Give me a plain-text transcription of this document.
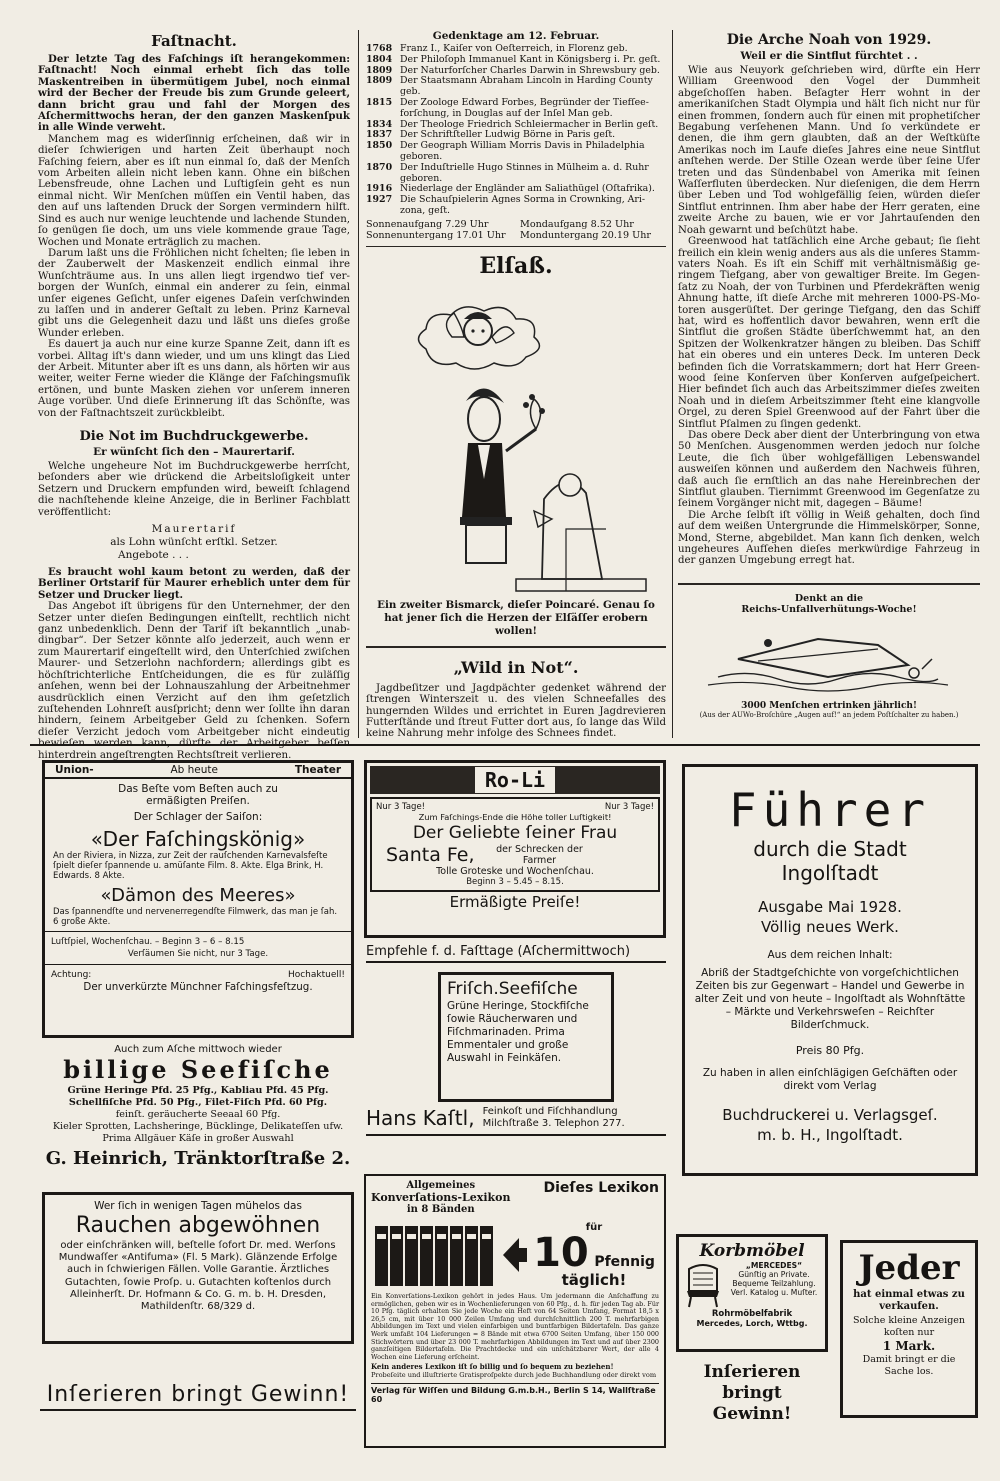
Faſtnacht.

Der letzte Tag des Faſchings iſt herangekommen: Faſtnacht! Noch einmal erhebt ſich das tolle Maskentreiben in übermütigem Jubel, noch einmal wird der Becher der Freude bis zum Grunde geleert, dann bricht grau und fahl der Morgen des Aſchermittwochs heran, der den ganzen Maskenſpuk in alle Winde verweht.

Manchem mag es widerſinnig erſcheinen, daß wir in dieſer ſchwierigen und harten Zeit überhaupt noch Faſching feiern, aber es iſt nun einmal ſo, daß der Menſch vom Arbeiten allein nicht leben kann. Ohne ein bißchen Lebensfreude, ohne Lachen und Luſtigſein geht es nun einmal nicht. Wir Menſchen müſſen ein Ventil haben, das den auf uns laſtenden Druck der Sorgen vermindern hilft. Sind es auch nur wenige leuchtende und lachende Stunden, ſo genügen ſie doch, um uns viele kommende graue Tage, Wochen und Monate erträglich zu machen.

Darum laßt uns die Fröhlichen nicht ſchelten; ſie leben in der Zauberwelt der Maskenzeit endlich einmal ihre Wunſchträume aus. In uns allen liegt irgendwo tief verborgen der Wunſch, einmal ein anderer zu ſein, einmal unſer eigenes Geſicht, unſer eigenes Daſein verſchwinden zu laſſen und in anderer Geſtalt zu leben. Prinz Karneval gibt uns die Gelegenheit dazu und läßt uns dieſes große Wunder erleben.

Es dauert ja auch nur eine kurze Spanne Zeit, dann iſt es vorbei. Alltag iſt's dann wieder, und um uns klingt das Lied der Arbeit. Mitunter aber iſt es uns dann, als hörten wir aus weiter, weiter Ferne wieder die Klänge der Faſchingsmuſik ertönen, und bunte Masken ziehen vor unſerem inneren Auge vorüber. Und dieſe Erinnerung iſt das Schönſte, was von der Faſtnachtszeit zurückbleibt.

Die Not im Buchdruckgewerbe.
Er wünſcht ſich den – Maurertarif.

Welche ungeheure Not im Buchdruckgewerbe herrſcht, beſonders aber wie drückend die Arbeitsloſigkeit unter Setzern und Druckern empfunden wird, beweiſt ſchlagend die nachſtehende kleine Anzeige, die in Berliner Fachblatt veröffentlicht:

Maurertarif
als Lohn wünſcht erſtkl. Setzer.
Angebote . . .

Es braucht wohl kaum betont zu werden, daß der Berliner Ortstarif für Maurer erheblich unter dem für Setzer und Drucker liegt.

Das Angebot iſt übrigens für den Unternehmer, der den Setzer unter dieſen Bedingungen einſtellt, rechtlich nicht ganz unbedenklich. Denn der Tarif iſt bekanntlich „unabdingbar“. Der Setzer könnte alſo jederzeit, auch wenn er zum Maurertarif eingeſtellt wird, den Unterſchied zwiſchen Maurer- und Setzerlohn nachfordern; allerdings gibt es höchſtrichterliche Entſcheidungen, die es für zuläſſig anſehen, wenn bei der Lohnauszahlung der Arbeitnehmer ausdrücklich einen Verzicht auf den ihm geſetzlich zuſtehenden Lohnreſt ausſpricht; denn wer ſollte ihn daran hindern, ſeinem Arbeitgeber Geld zu ſchenken. Sofern dieſer Verzicht jedoch vom Arbeitgeber nicht eindeutig hinterdrein angeſtrengten Rechtsſtreit verlieren.

Gedenktage am 12. Februar.
1768 Franz I., Kaiſer von Oeſterreich, in Florenz geb.
1804 Der Philoſoph Immanuel Kant in Königsberg i. Pr. geſt.
1809 Der Naturforſcher Charles Darwin in Shrewsbury geb.
1809 Der Staatsmann Abraham Lincoln in Harding County geb.
1815 Der Zoologe Edward Forbes, Begründer der Tiefſeeforſchung, in Douglas auf der Inſel Man geb.
1834 Der Theologe Friedrich Schleiermacher in Berlin geſt.
1837 Der Schriftſteller Ludwig Börne in Paris geſt.
1850 Der Geograph William Morris Davis in Philadelphia geboren.
1870 Der Induſtrielle Hugo Stinnes in Mülheim a. d. Ruhr geboren.
1916 Niederlage der Engländer am Saliathügel (Oſtafrika).
1927 Die Schauſpielerin Agnes Sorma in Crownking, Arizona, geſt.
Sonnenaufgang 7.29 Uhr	Mondaufgang 8.52 Uhr
Sonnenuntergang 17.01 Uhr	Monduntergang 20.19 Uhr
Elſaß.
Ein zweiter Bismarck, dieſer Poincaré. Genau ſo hat jener ſich die Herzen der Elſäſſer erobern wollen!
„Wild in Not“.

Jagdbeſitzer und Jagdpächter gedenket während der ſtrengen Winterszeit u. des vielen Schneefalles des hungernden Wildes und errichtet in Euren Jagdrevieren Futterſtände und ſtreut Futter dort aus, ſo lange das Wild keine Nahrung mehr infolge des Schnees findet.

Die Arche Noah von 1929.
Weil er die Sintflut fürchtet . .

Wie aus Neuyork geſchrieben wird, dürfte ein Herr William Greenwood den Vogel der Dummheit abgeſchoſſen haben. Beſagter Herr wohnt in der amerikaniſchen Stadt Olympia und hält ſich nicht nur für einen frommen, ſondern auch für einen mit prophetiſcher Begabung verſehenen Mann. Und ſo verkündete er denen, die ihm gern glaubten, daß an der Weſtküſte Amerikas noch im Laufe dieſes Jahres eine neue Sintflut anſtehen werde. Der Stille Ozean werde über ſeine Ufer treten und das Sündenbabel von Amerika mit ſeinen Waſſerfluten überdecken. Nur dieſenigen, die dem Herrn über Leben und Tod wohlgefällig ſeien, würden dieſer Sintflut entrinnen. Ihm aber habe der Herr geraten, eine zweite Arche zu bauen, wie er vor Jahrtauſenden den Noah gewarnt und beſchützt habe.

Greenwood hat tatſächlich eine Arche gebaut; ſie ſieht freilich ein klein wenig anders aus als die unſeres Stammvaters Noah. Es iſt ein Schiff mit verhältnismäßig geringem Tiefgang, aber von gewaltiger Breite. Im Gegenſatz zu Noah, der von Turbinen und Pferdekräften wenig Ahnung hatte, iſt dieſe Arche mit mehreren 1000-PS-Motoren ausgerüſtet. Der geringe Tiefgang, den das Schiff hat, wird es hoffentlich davor bewahren, wenn erſt die Sintflut die großen Städte überſchwemmt hat, an den Spitzen der Wolkenkratzer hängen zu bleiben. Das Schiff hat ein oberes und ein unteres Deck. Im unteren Deck befinden ſich die Vorratskammern; dort hat Herr Greenwood ſeine Konſerven über Konſerven aufgeſpeichert. Hier befindet ſich auch das Arbeitszimmer dieſes zweiten Noah und in dieſem Arbeitszimmer ſteht eine klangvolle Orgel, zu deren Spiel Greenwood auf der Fahrt über die Sintflut Pſalmen zu ſingen gedenkt.

Das obere Deck aber dient der Unterbringung von etwa 50 Menſchen. Ausgenommen werden jedoch nur ſolche Leute, die ſich über wohlgefälligen Lebenswandel ausweiſen können und außerdem den Nachweis führen, daß auch ſie ernſtlich an das nahe Hereinbrechen der Sintflut glauben. Tiernimmt Greenwood im Gegenſatze zu ſeinem Vorgänger nicht mit, dagegen – Bäume!

Die Arche ſelbſt iſt völlig in Weiß gehalten, doch ſind auf dem weißen Untergrunde die Himmelskörper, Sonne, Mond, Sterne, abgebildet. Man kann ſich denken, welch ungeheures Aufſehen dieſes merkwürdige Fahrzeug in der ganzen Umgebung erregt hat.

Denkt an die
Reichs-Unfallverhütungs-Woche!
3000 Menſchen ertrinken jährlich!
(Aus der AUWo-Broſchüre „Augen auf!“ an jedem Poſtſchalter zu haben.)
Union-	Ab heute	Theater
Das Beſte vom Beſten auch zu
ermäßigten Preiſen.
Der Schlager der Saiſon:
«Der Faſchingskönig»
An der Riviera, in Nizza, zur Zeit der rauſchenden Karnevalsfeſte ſpielt dieſer ſpannende u. amüſante Film. 8. Akte. Elga Brink, H. Edwards. 8 Akte.
«Dämon des Meeres»
Das ſpannendſte und nervenerregendſte Filmwerk, das man je ſah. 6 große Akte.
Luſtſpiel, Wochenſchau. – Beginn 3 – 6 – 8.15
Verſäumen Sie nicht, nur 3 Tage.
Achtung:	Hochaktuell!
Der unverkürzte Münchner Faſchingsfeſtzug.
Ro-Li
Nur 3 Tage!	Nur 3 Tage!
Zum Faſchings-Ende die Höhe toller Luſtigkeit!
Der Geliebte ſeiner Frau
Santa Fe,	der Schrecken der Farmer
Tolle Groteske und Wochenſchau.
Beginn 3 – 5.45 – 8.15.
Ermäßigte Preiſe!
Empfehle f. d. Faſttage (Aſchermittwoch)
Friſch.Seefiſche
Grüne Heringe, Stockfiſche ſowie Räucherwaren und Fiſchmarinaden. Prima Emmentaler und große Auswahl in Feinkäſen.
Hans Kaſtl, Feinkoſt und Fiſchhandlung
Milchſtraße 3. Telephon 277.
Auch zum Aſche mittwoch wieder
billige Seefiſche
Grüne Heringe Pfd. 25 Pfg., Kabliau Pfd. 45 Pfg.
Schellfiſche Pfd. 50 Pfg., Filet-Fiſch Pfd. 60 Pfg.
feinſt. geräucherte Seeaal 60 Pfg.
Kieler Sprotten, Lachsheringe, Bücklinge, Delikateſſen ufw.
Prima Allgäuer Käſe in großer Auswahl
G. Heinrich, Tränktorſtraße 2.
Wer ſich in wenigen Tagen mühelos das
Rauchen abgewöhnen
oder einſchränken will, beſtelle ſofort Dr. med. Werſons Mundwaſſer «Antifuma» (Fl. 5 Mark). Glänzende Erfolge auch in ſchwierigen Fällen. Volle Garantie. Ärztliches Gutachten, ſowie Proſp. u. Gutachten koſtenlos durch Alleinherſt. Dr. Hofmann & Co. G. m. b. H. Dresden, Mathildenſtr. 68/329 d.
Inſerieren bringt Gewinn!
Allgemeines
Konverſations-Lexikon
in 8 Bänden
Dieſes Lexikon
für
10 Pfennig
täglich!
Ein Konverſations-Lexikon gehört in jedes Haus. Um jedermann die Anſchaffung zu ermöglichen, geben wir es in Wochenlieferungen von 60 Pfg., d. h. für jeden Tag ab. Für 10 Pfg. täglich erhalten Sie jede Woche ein Heft von 64 Seiten Umfang, Format 18,5 x 26,5 cm, mit über 10 000 Zeilen Umfang und durchſchnittlich 200 T. mehrfarbigen Abbildungen im Text und vielen einfarbigen und buntfarbigen Bildertafeln. Das ganze Werk umfaßt 104 Lieferungen = 8 Bände mit etwa 6700 Seiten Umfang, über 150 000 Stichwörtern und über 23 000 T. mehrfarbigen Abbildungen im Text und auf über 2300 ganzſeitigen Bildertafeln. Die Prachtdecke und ein unſchätzbarer Wert, der alle 4 Wochen eine Lieferung erſcheint.
Kein anderes Lexikon iſt ſo billig und ſo bequem zu beziehen!
Probeſeite und illuſtrierte Gratisproſpekte durch jede Buchhandlung oder direkt vom
Verlag für Wiſſen und Bildung G.m.b.H., Berlin S 14, Wallſtraße 60
Führer
durch die Stadt
Ingolſtadt
Ausgabe Mai 1928.
Völlig neues Werk.
Aus dem reichen Inhalt:
Abriß der Stadtgeſchichte von vorgeſchichtlichen Zeiten bis zur Gegenwart – Handel und Gewerbe in alter Zeit und von heute – Ingolſtadt als Wohnſtätte – Märkte und Verkehrsweſen – Reichſter Bilderſchmuck.
Preis 80 Pfg.
Zu haben in allen einſchlägigen Geſchäften oder direkt vom Verlag
Buchdruckerei u. Verlagsgeſ.
m. b. H., Ingolſtadt.
Korbmöbel
„MERCEDES“
Günſtig an Private.
Bequeme Teilzahlung.
Verl. Katalog u. Muſter.
Rohrmöbelfabrik
Mercedes, Lorch, Wttbg.
Inſerieren
bringt
Gewinn!
Jeder
hat einmal etwas zu
verkaufen.
Solche kleine Anzeigen
koſten nur
1 Mark.
Damit bringt er die
Sache los.
